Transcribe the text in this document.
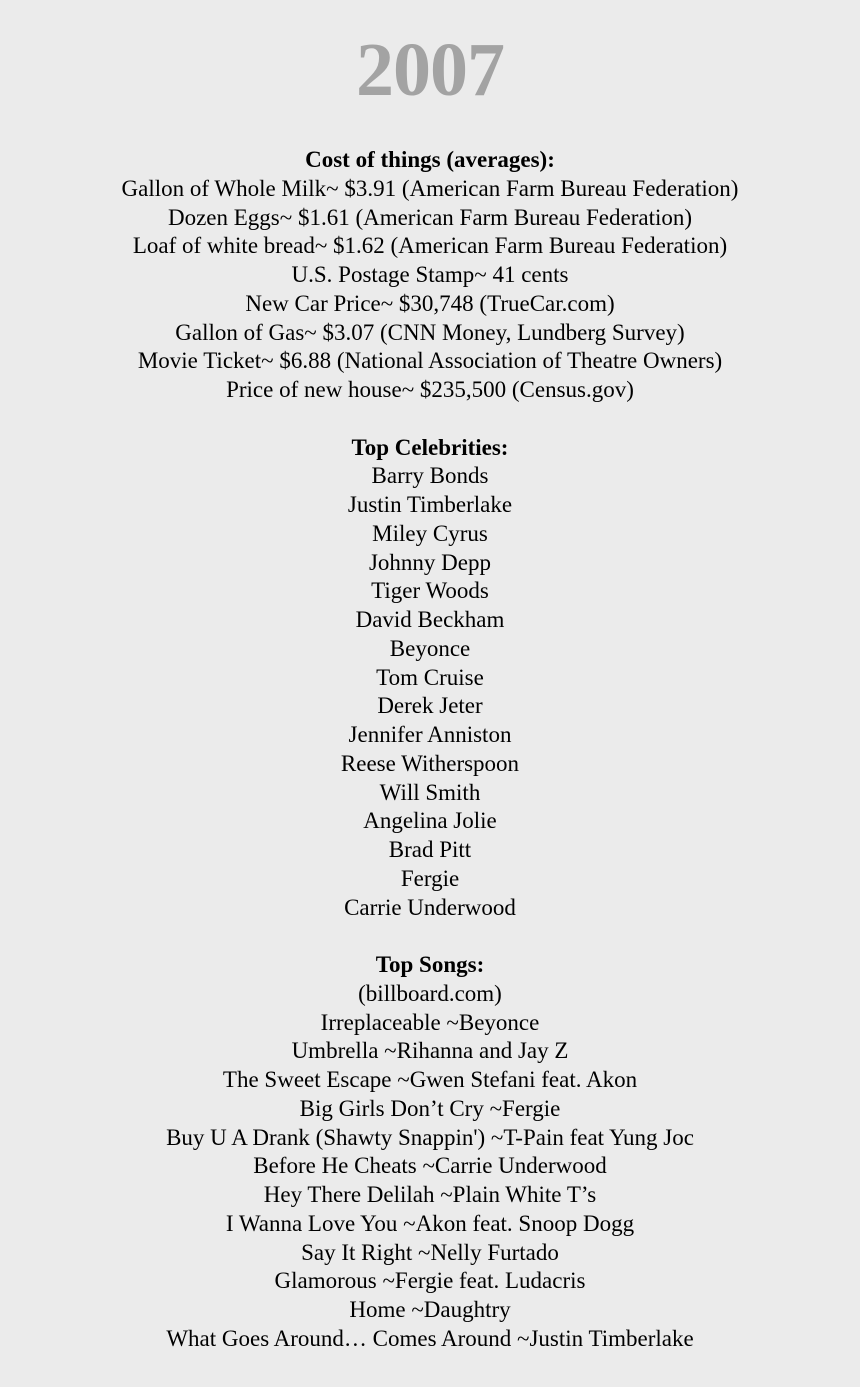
2007
Cost of things (averages):
Gallon of Whole Milk~ $3.91 (American Farm Bureau Federation)
Dozen Eggs~ $1.61 (American Farm Bureau Federation)
Loaf of white bread~ $1.62 (American Farm Bureau Federation)
U.S. Postage Stamp~ 41 cents
New Car Price~ $30,748 (TrueCar.com)
Gallon of Gas~ $3.07 (CNN Money, Lundberg Survey)
Movie Ticket~ $6.88 (National Association of Theatre Owners)
Price of new house~ $235,500 (Census.gov)
Top Celebrities:
Barry Bonds
Justin Timberlake
Miley Cyrus
Johnny Depp
Tiger Woods
David Beckham
Beyonce
Tom Cruise
Derek Jeter
Jennifer Anniston
Reese Witherspoon
Will Smith
Angelina Jolie
Brad Pitt
Fergie
Carrie Underwood
Top Songs:
(billboard.com)
Irreplaceable ~Beyonce
Umbrella ~Rihanna and Jay Z
The Sweet Escape ~Gwen Stefani feat. Akon
Big Girls Don’t Cry ~Fergie
Buy U A Drank (Shawty Snappin') ~T-Pain feat Yung Joc
Before He Cheats ~Carrie Underwood
Hey There Delilah ~Plain White T’s
I Wanna Love You ~Akon feat. Snoop Dogg
Say It Right ~Nelly Furtado
Glamorous ~Fergie feat. Ludacris
Home ~Daughtry
What Goes Around… Comes Around ~Justin Timberlake
